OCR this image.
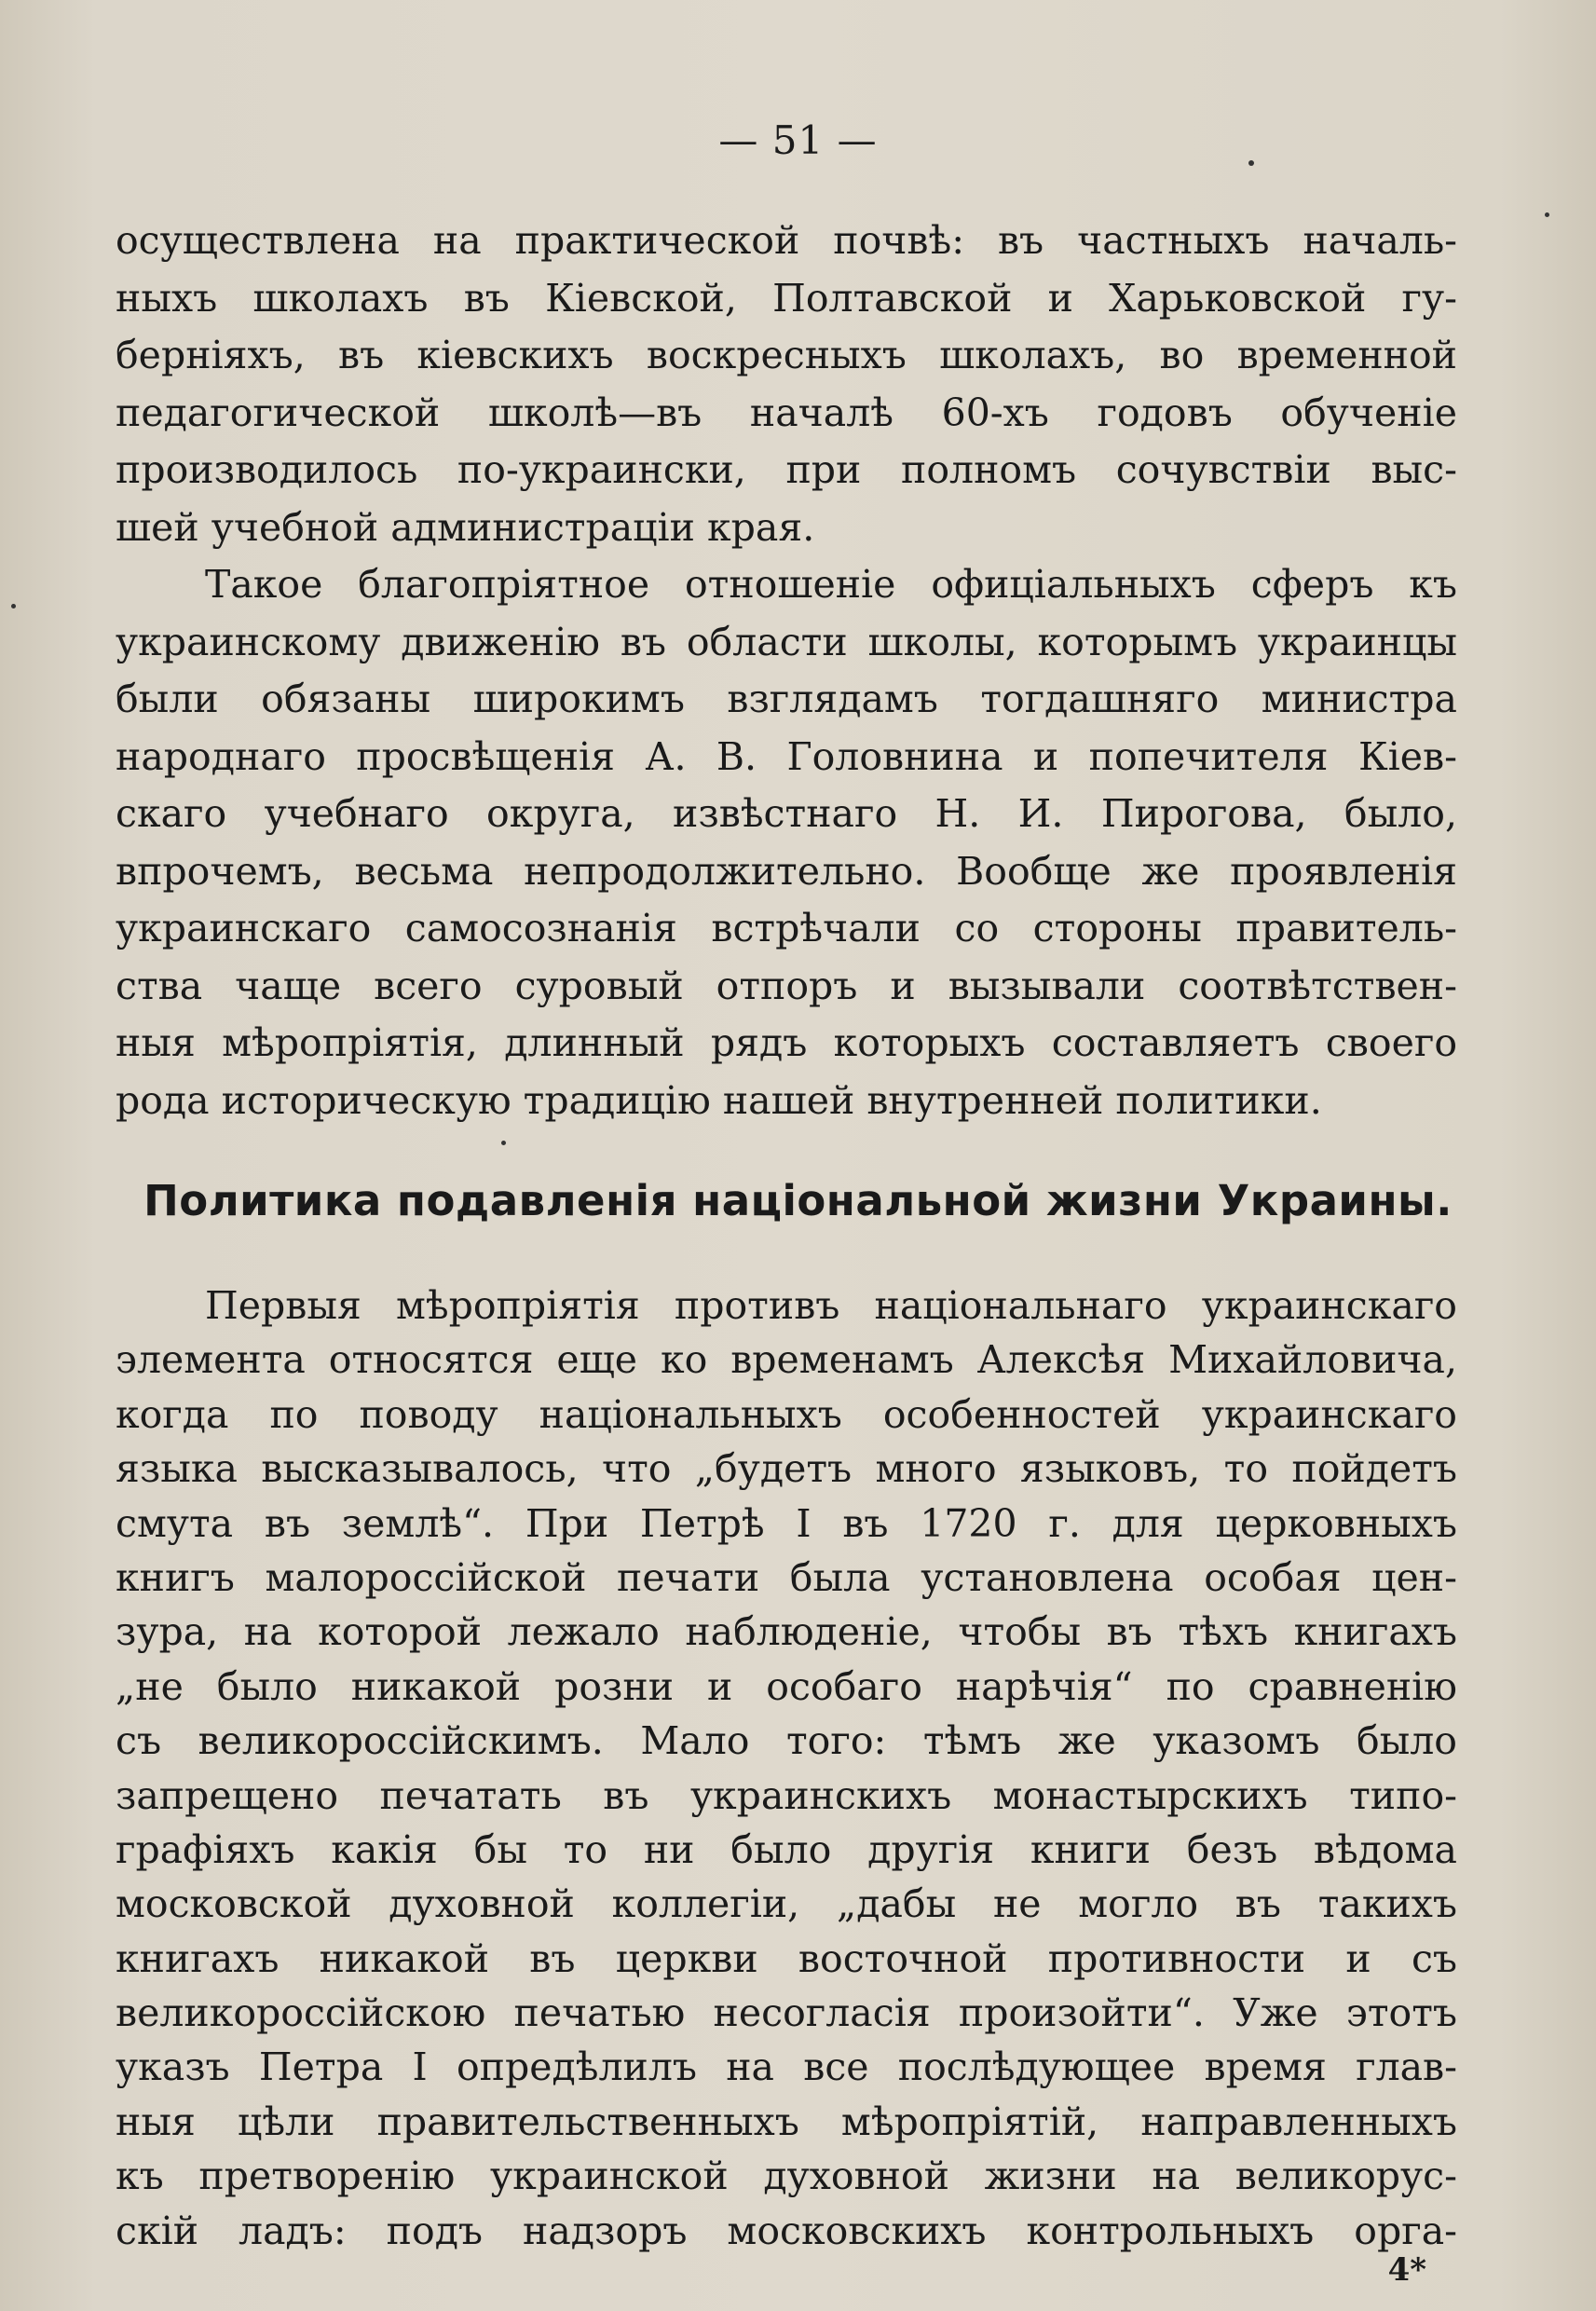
— 51 —
осуществлена на практической почвѣ: въ частныхъ началь-
ныхъ школахъ въ Кіевской, Полтавской и Харьковской гу-
берніяхъ, въ кіевскихъ воскресныхъ школахъ, во временной
педагогической школѣ—въ началѣ 60-хъ годовъ обученіе
производилось по-украински, при полномъ сочувствіи выс-
шей учебной администраціи края.
Такое благопріятное отношеніе офиціальныхъ сферъ къ
украинскому движенію въ области школы, которымъ украинцы
были обязаны широкимъ взглядамъ тогдашняго министра
народнаго просвѣщенія А. В. Головнина и попечителя Кіев-
скаго учебнаго округа, извѣстнаго Н. И. Пирогова, было,
впрочемъ, весьма непродолжительно. Вообще же проявленія
украинскаго самосознанія встрѣчали со стороны правитель-
ства чаще всего суровый отпоръ и вызывали соотвѣтствен-
ныя мѣропріятія, длинный рядъ которыхъ составляетъ своего
рода историческую традицію нашей внутренней политики.
Политика подавленія національной жизни Украины.
Первыя мѣропріятія противъ національнаго украинскаго
элемента относятся еще ко временамъ Алексѣя Михайловича,
когда по поводу національныхъ особенностей украинскаго
языка высказывалось, что „будетъ много языковъ, то пойдетъ
смута въ землѣ“. При Петрѣ I въ 1720 г. для церковныхъ
книгъ малороссійской печати была установлена особая цен-
зура, на которой лежало наблюденіе, чтобы въ тѣхъ книгахъ
„не было никакой розни и особаго нарѣчія“ по сравненію
съ великороссійскимъ. Мало того: тѣмъ же указомъ было
запрещено печатать въ украинскихъ монастырскихъ типо-
графіяхъ какія бы то ни было другія книги безъ вѣдома
московской духовной коллегіи, „дабы не могло въ такихъ
книгахъ никакой въ церкви восточной противности и съ
великороссійскою печатью несогласія произойти“. Уже этотъ
указъ Петра I опредѣлилъ на все послѣдующее время глав-
ныя цѣли правительственныхъ мѣропріятій, направленныхъ
къ претворенію украинской духовной жизни на великорус-
скій ладъ: подъ надзоръ московскихъ контрольныхъ орга-
4*
